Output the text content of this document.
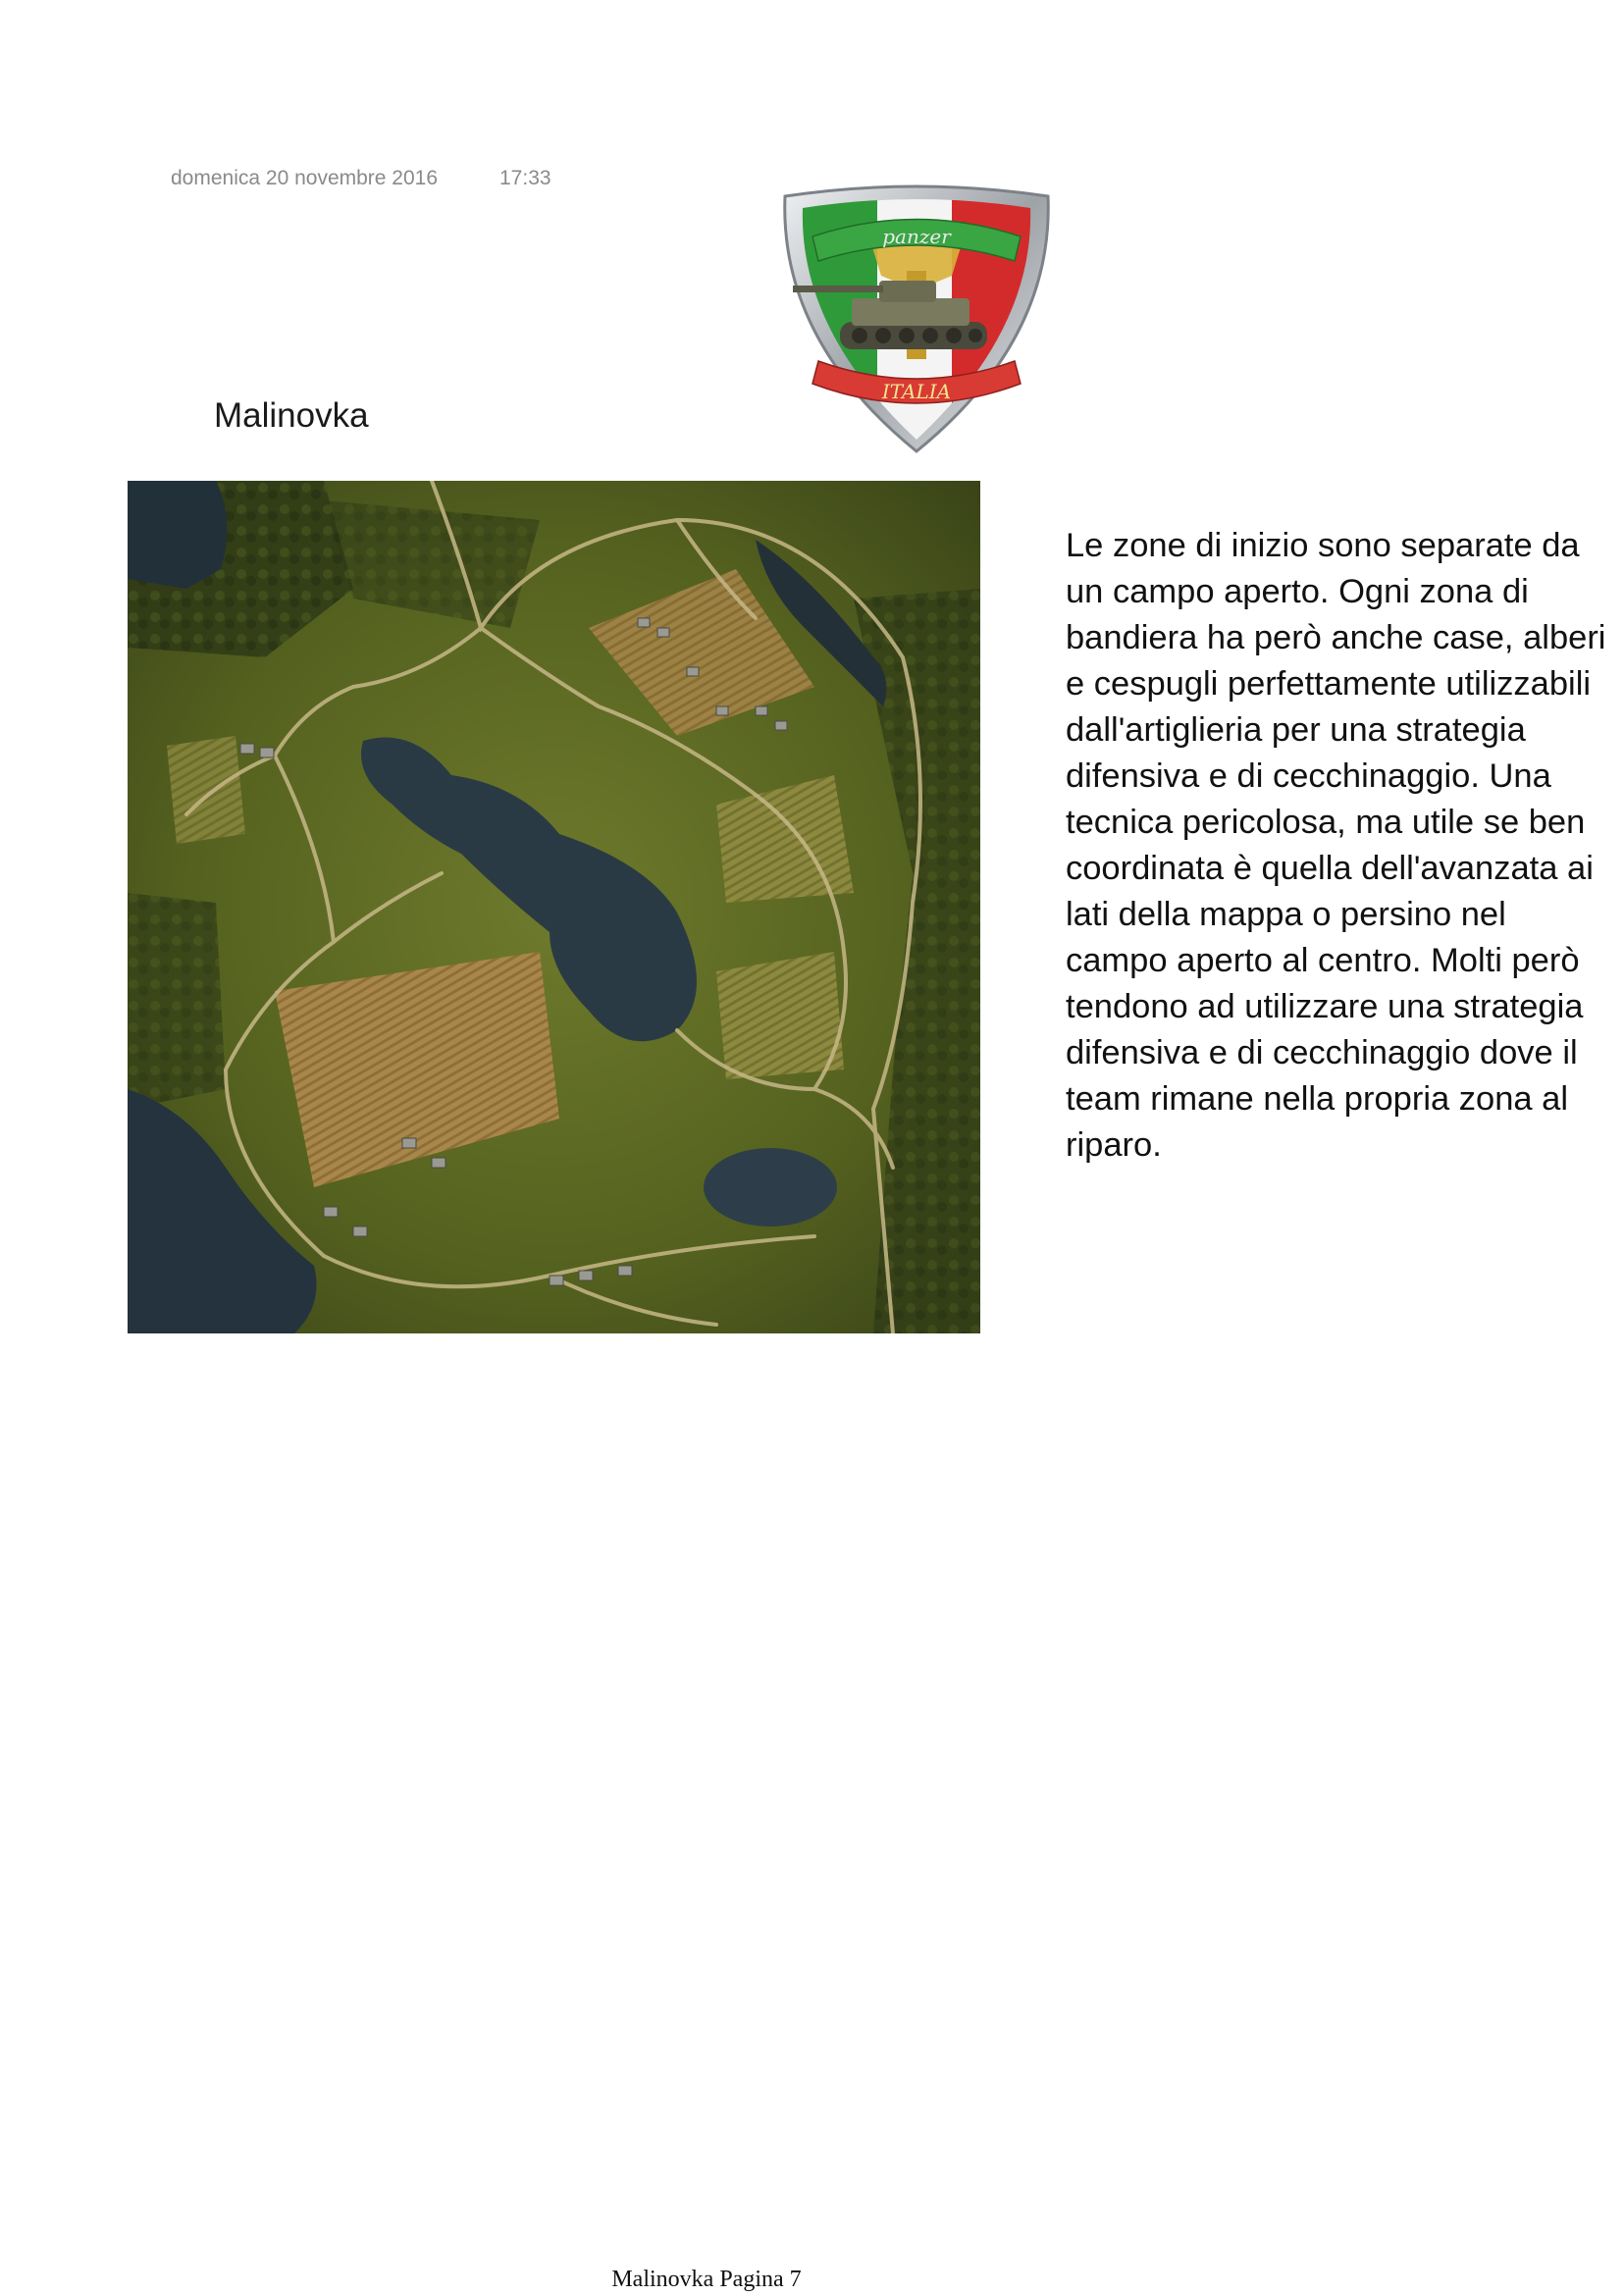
domenica 20 novembre 2016	17:33
panzer
ITALIA
Malinovka
Le zone di inizio sono separate da un campo aperto. Ogni zona di bandiera ha però anche case, alberi e cespugli perfettamente utilizzabili dall'artiglieria per una strategia difensiva e di cecchinaggio. Una tecnica pericolosa, ma utile se ben coordinata è quella dell'avanzata ai lati della mappa o persino nel campo aperto al centro. Molti però tendono ad utilizzare una strategia difensiva e di cecchinaggio dove il team rimane nella propria zona al riparo.
Malinovka Pagina 7
